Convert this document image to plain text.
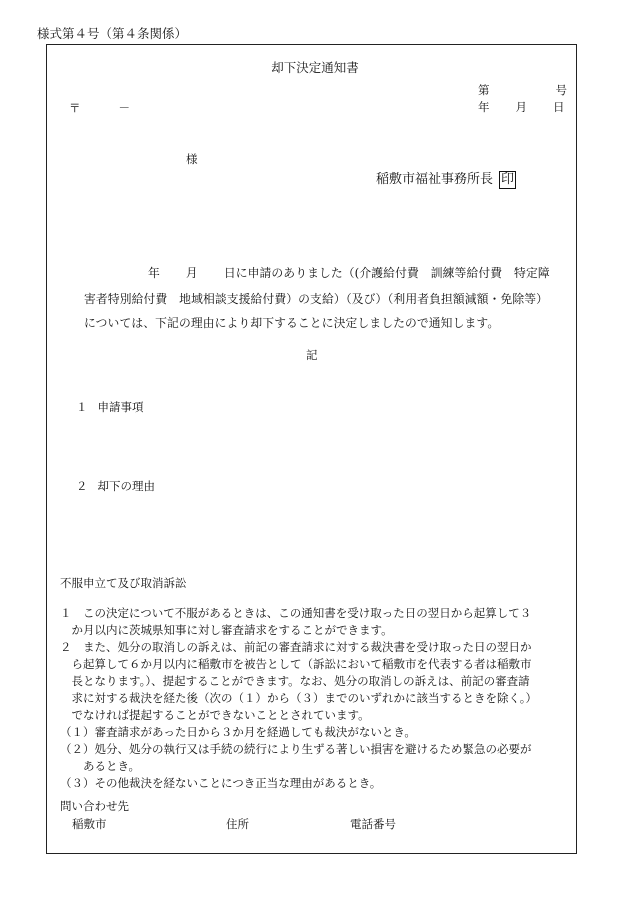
様式第４号（第４条関係）
却下決定通知書
第	号
年 月 日
〒	－
様
稲敷市福祉事務所長 印
年 月 日に申請のありました（(介護給付費　訓練等給付費　特定障
害者特別給付費　地域相談支援給付費）の支給）（及び）（利用者負担額減額・免除等）
については、下記の理由により却下することに決定しましたので通知します。
記
１ 申請事項
２ 却下の理由
不服申立て及び取消訴訟
１　この決定について不服があるときは、この通知書を受け取った日の翌日から起算して３
　か月以内に茨城県知事に対し審査請求をすることができます。
２　また、処分の取消しの訴えは、前記の審査請求に対する裁決書を受け取った日の翌日か
　ら起算して６か月以内に稲敷市を被告として（訴訟において稲敷市を代表する者は稲敷市
　長となります。）、提起することができます。なお、処分の取消しの訴えは、前記の審査請
　求に対する裁決を経た後（次の（１）から（３）までのいずれかに該当するときを除く。）
　でなければ提起することができないこととされています。
（１）審査請求があった日から３か月を経過しても裁決がないとき。
（２）処分、処分の執行又は手続の続行により生ずる著しい損害を避けるため緊急の必要が
　　あるとき。
（３）その他裁決を経ないことにつき正当な理由があるとき。
問い合わせ先
稲敷市	住所	電話番号
